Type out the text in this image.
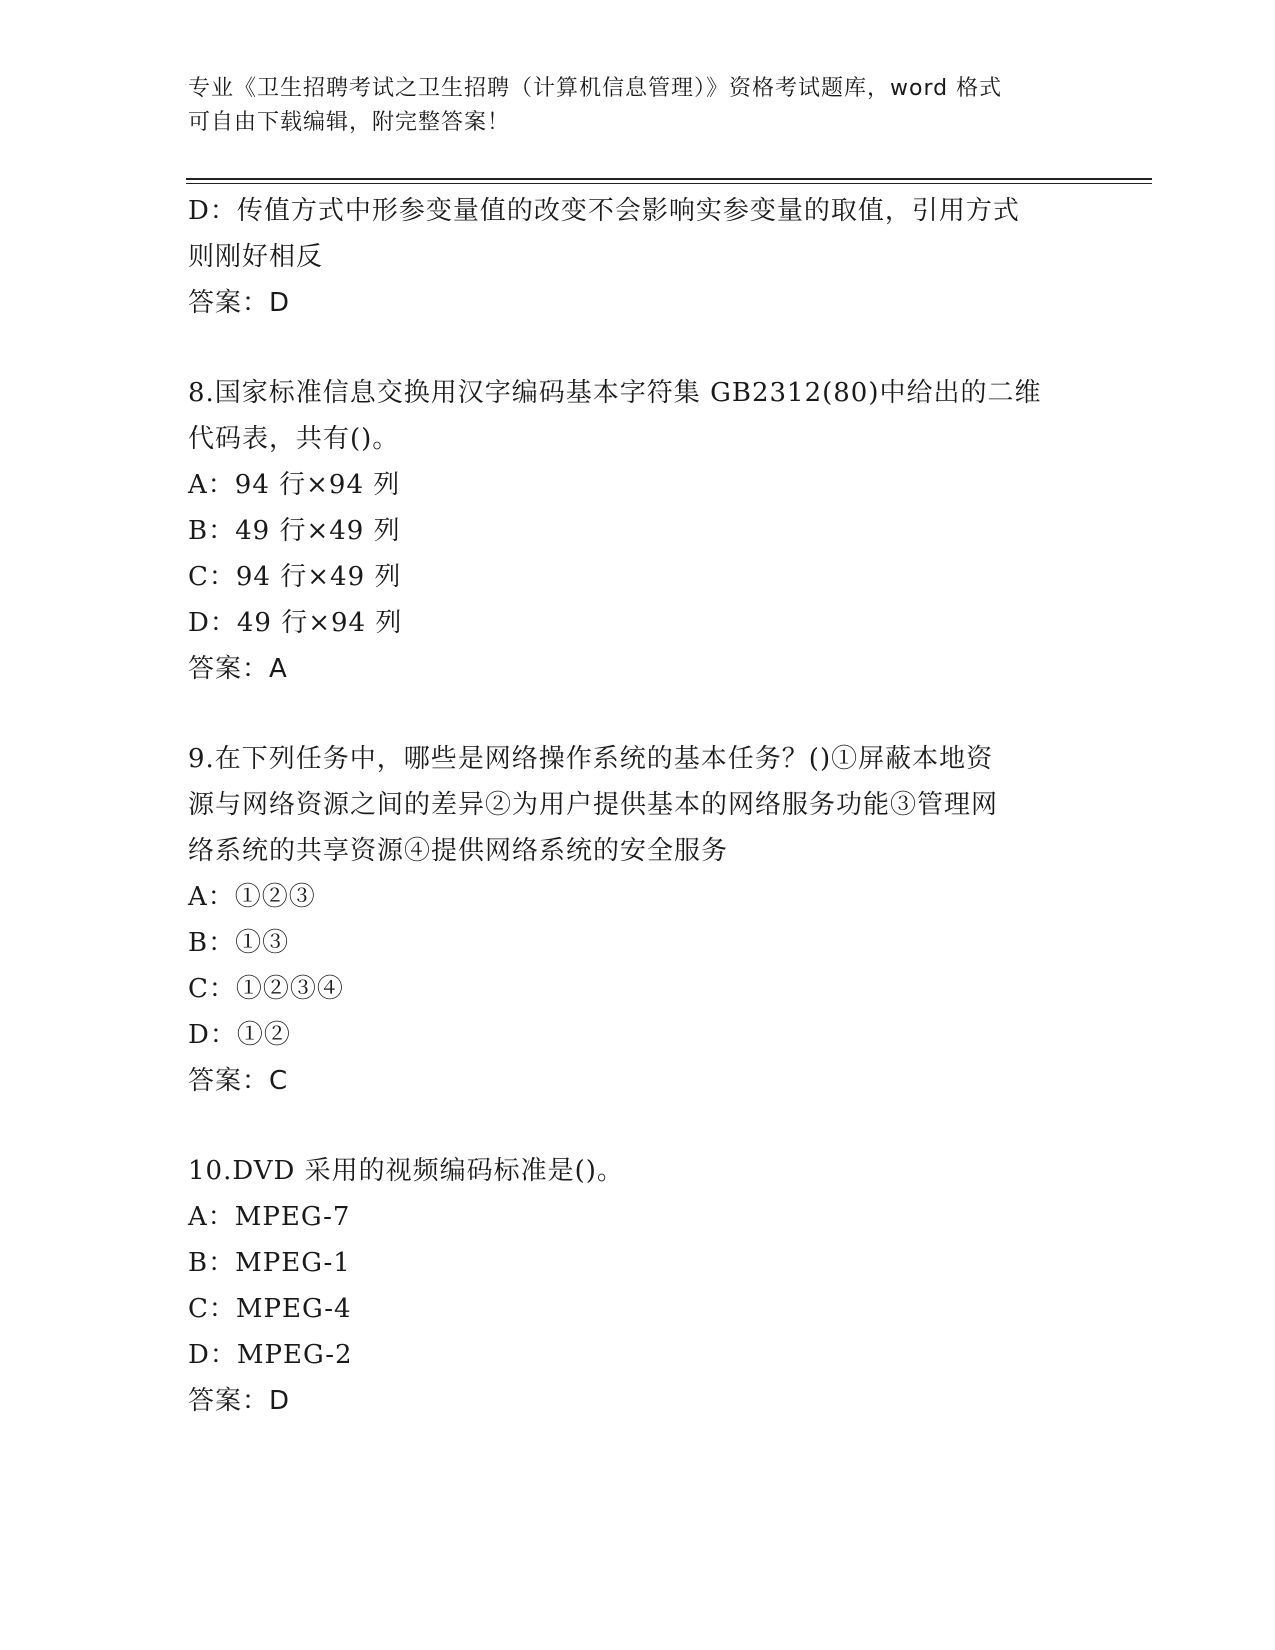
专业《卫生招聘考试之卫生招聘（计算机信息管理）》资格考试题库，word 格式
可自由下载编辑，附完整答案！
D：传值方式中形参变量值的改变不会影响实参变量的取值，引用方式
则刚好相反
答案：D
8.国家标准信息交换用汉字编码基本字符集 GB2312(80)中给出的二维
代码表，共有()。
A：94 行×94 列
B：49 行×49 列
C：94 行×49 列
D：49 行×94 列
答案：A
9.在下列任务中，哪些是网络操作系统的基本任务？()①屏蔽本地资
源与网络资源之间的差异②为用户提供基本的网络服务功能③管理网
络系统的共享资源④提供网络系统的安全服务
A：①②③
B：①③
C：①②③④
D：①②
答案：C
10.DVD 采用的视频编码标准是()。
A：MPEG-7
B：MPEG-1
C：MPEG-4
D：MPEG-2
答案：D
